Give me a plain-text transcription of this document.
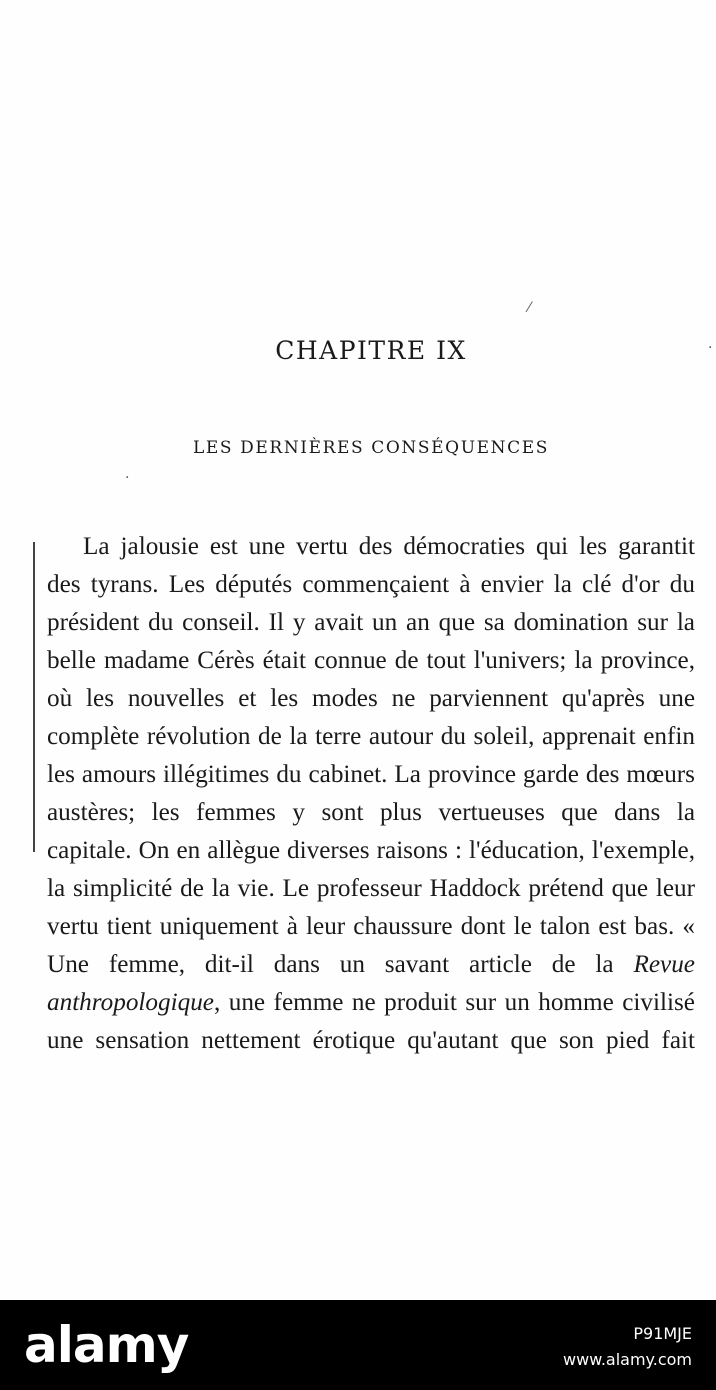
⁄
·
·
CHAPITRE IX
LES DERNIÈRES CONSÉQUENCES

La jalousie est une vertu des démocraties qui les garantit des tyrans. Les députés commençaient à envier la clé d'or du président du conseil. Il y avait un an que sa domination sur la belle madame Cérès était connue de tout l'univers; la province, où les nouvelles et les modes ne parviennent qu'après une complète révolution de la terre autour du soleil, apprenait enfin les amours illégitimes du cabinet. La province garde des mœurs austères; les femmes y sont plus vertueuses que dans la capitale. On en allègue diverses raisons : l'éducation, l'exemple, la simplicité de la vie. Le professeur Haddock prétend que leur vertu tient uniquement à leur chaussure dont le talon est bas. « Une femme, dit-il dans un savant article de la Revue anthropologique, une femme ne produit sur un homme civilisé une sensation nettement érotique qu'autant que son pied fait

alamy	P91MJE
www.alamy.com
